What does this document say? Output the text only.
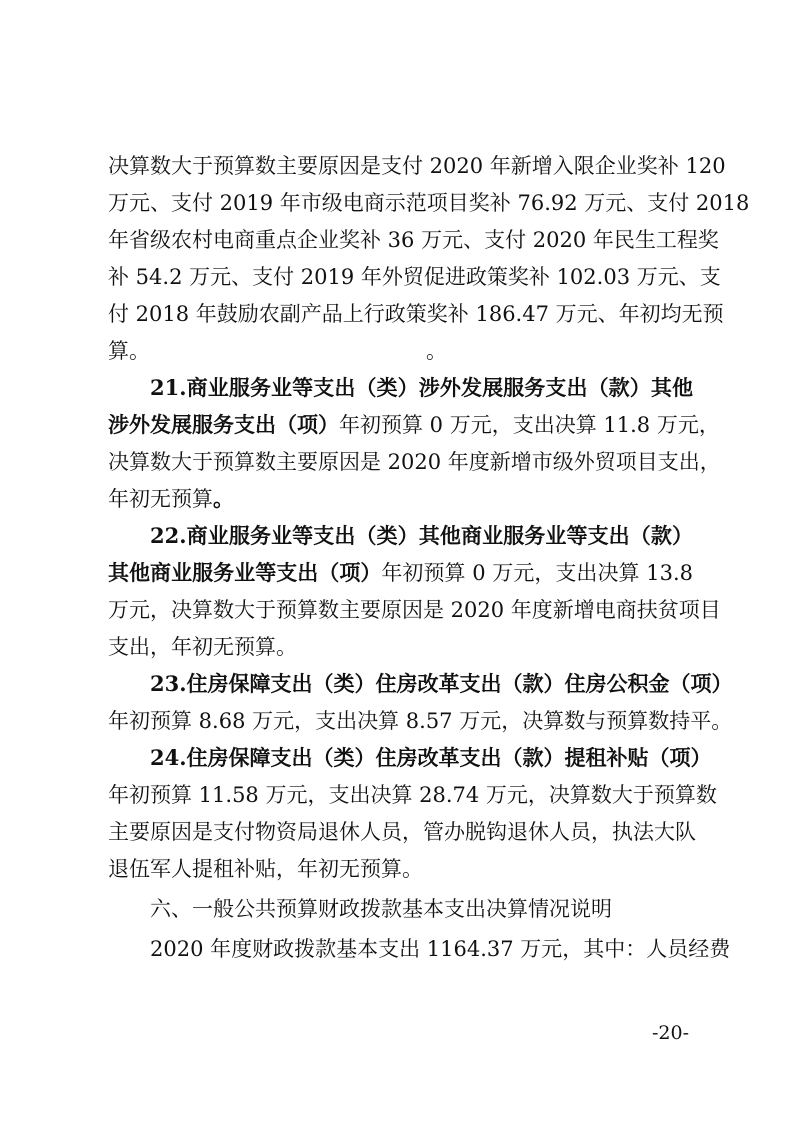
决算数大于预算数主要原因是支付 2020 年新增入限企业奖补 120
万元、支付 2019 年市级电商示范项目奖补 76.92 万元、支付 2018
年省级农村电商重点企业奖补 36 万元、支付 2020 年民生工程奖
补 54.2 万元、支付 2019 年外贸促进政策奖补 102.03 万元、支
付 2018 年鼓励农副产品上行政策奖补 186.47 万元、年初均无预
算。	。
21.商业服务业等支出（类）涉外发展服务支出（款）其他
涉外发展服务支出（项）年初预算 0 万元，支出决算 11.8 万元，
决算数大于预算数主要原因是 2020 年度新增市级外贸项目支出，
年初无预算。
22.商业服务业等支出（类）其他商业服务业等支出（款）
其他商业服务业等支出（项）年初预算 0 万元，支出决算 13.8
万元，决算数大于预算数主要原因是 2020 年度新增电商扶贫项目
支出，年初无预算。
23.住房保障支出（类）住房改革支出（款）住房公积金（项）
年初预算 8.68 万元，支出决算 8.57 万元，决算数与预算数持平。
24.住房保障支出（类）住房改革支出（款）提租补贴（项）
年初预算 11.58 万元，支出决算 28.74 万元，决算数大于预算数
主要原因是支付物资局退休人员，管办脱钩退休人员，执法大队
退伍军人提租补贴，年初无预算。
六、一般公共预算财政拨款基本支出决算情况说明
2020 年度财政拨款基本支出 1164.37 万元，其中：人员经费
-20-
